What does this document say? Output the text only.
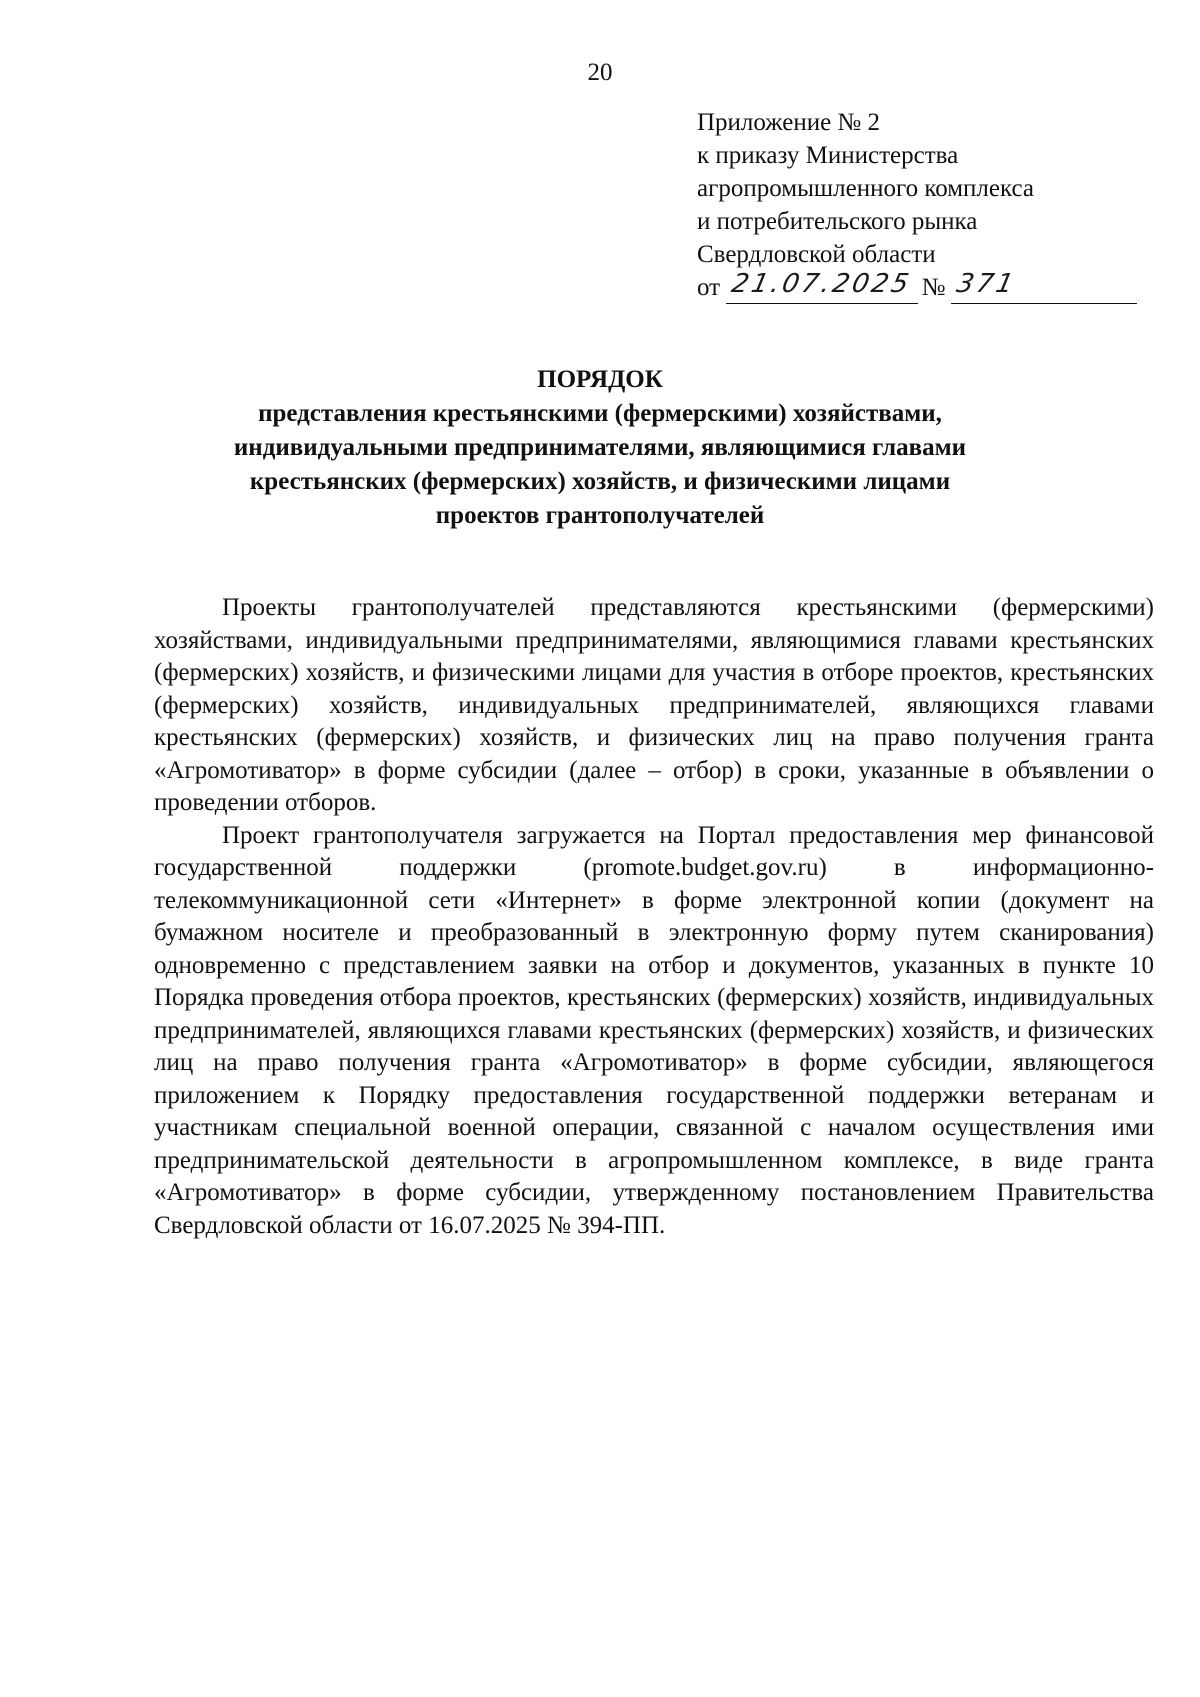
20
Приложение № 2
к приказу Министерства
агропромышленного комплекса
и потребительского рынка
Свердловской области
от 21.07.2025 № 371
ПОРЯДОК
представления крестьянскими (фермерскими) хозяйствами,
индивидуальными предпринимателями, являющимися главами
крестьянских (фермерских) хозяйств, и физическими лицами
проектов грантополучателей

Проекты грантополучателей представляются крестьянскими (фермерскими) хозяйствами, индивидуальными предпринимателями, являющимися главами крестьянских (фермерских) хозяйств, и физическими лицами для участия в отборе проектов, крестьянских (фермерских) хозяйств, индивидуальных предпринимателей, являющихся главами крестьянских (фермерских) хозяйств, и физических лиц на право получения гранта «Агромотиватор» в форме субсидии (далее – отбор) в сроки, указанные в объявлении о проведении отборов.

Проект грантополучателя загружается на Портал предоставления мер финансовой государственной поддержки (promote.budget.gov.ru) в информационно-телекоммуникационной сети «Интернет» в форме электронной копии (документ на бумажном носителе и преобразованный в электронную форму путем сканирования) одновременно с представлением заявки на отбор и документов, указанных в пункте 10 Порядка проведения отбора проектов, крестьянских (фермерских) хозяйств, индивидуальных предпринимателей, являющихся главами крестьянских (фермерских) хозяйств, и физических лиц на право получения гранта «Агромотиватор» в форме субсидии, являющегося приложением к Порядку предоставления государственной поддержки ветеранам и участникам специальной военной операции, связанной с началом осуществления ими предпринимательской деятельности в агропромышленном комплексе, в виде гранта «Агромотиватор» в форме субсидии, утвержденному постановлением Правительства Свердловской области от 16.07.2025 № 394-ПП.
